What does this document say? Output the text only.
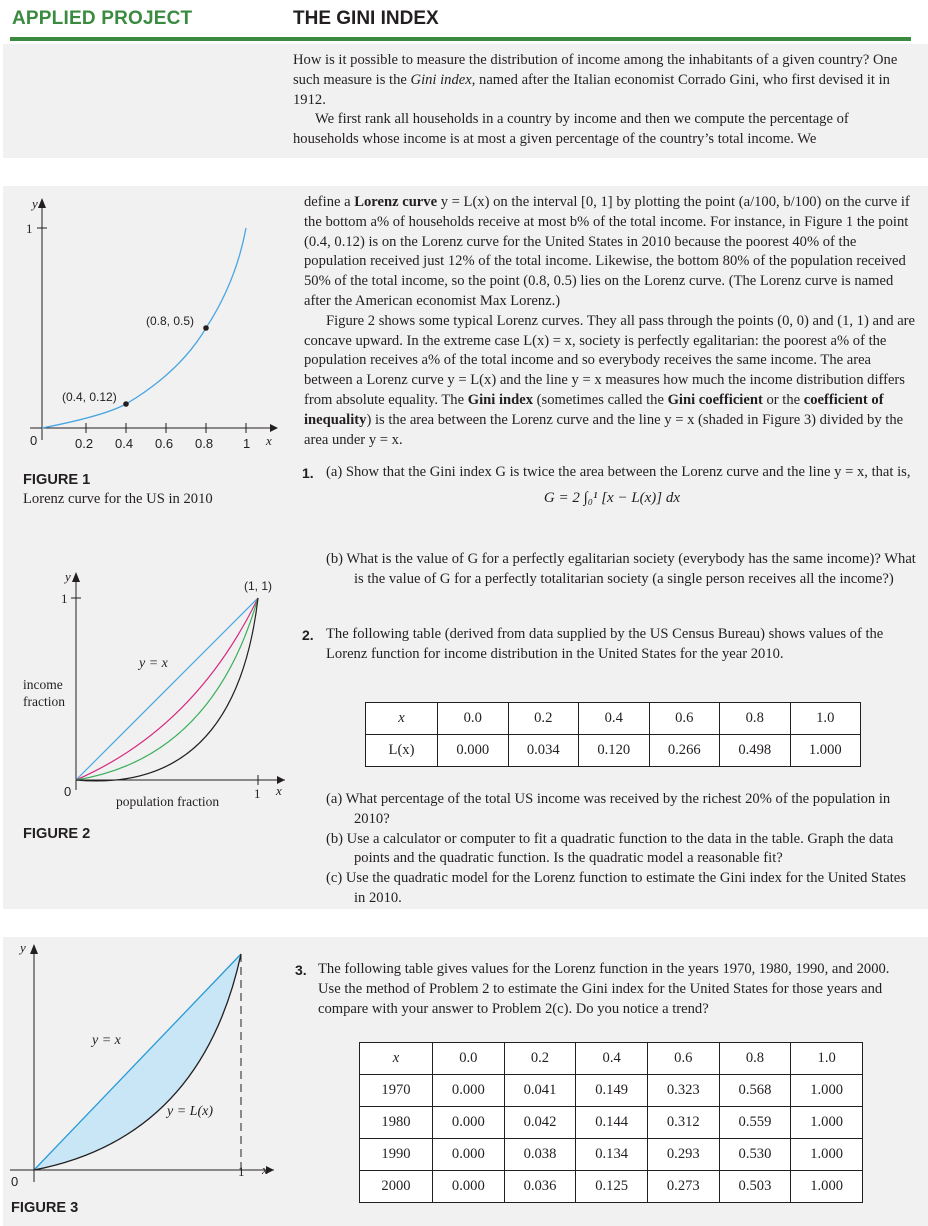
APPLIED PROJECT	THE GINI INDEX
How is it possible to measure the distribution of income among the inhabitants of a given country? One such measure is the Gini index, named after the Italian economist Corrado Gini, who first devised it in 1912.
We first rank all households in a country by income and then we compute the percentage of households whose income is at most a given percentage of the country’s total income. We
y
1
0	0.2 0.4 0.6 0.8 1 x
(0.4, 0.12)
(0.8, 0.5)
FIGURE 1
Lorenz curve for the US in 2010
y
1
0	1 x
(1, 1)
y = x
income
fraction
population fraction
FIGURE 2
define a Lorenz curve y = L(x) on the interval [0, 1] by plotting the point (a/100, b/100) on the curve if the bottom a% of households receive at most b% of the total income. For instance, in Figure 1 the point (0.4, 0.12) is on the Lorenz curve for the United States in 2010 because the poorest 40% of the population received just 12% of the total income. Likewise, the bottom 80% of the population received 50% of the total income, so the point (0.8, 0.5) lies on the Lorenz curve. (The Lorenz curve is named after the American economist Max Lorenz.)
Figure 2 shows some typical Lorenz curves. They all pass through the points (0, 0) and (1, 1) and are concave upward. In the extreme case L(x) = x, society is perfectly egalitarian: the poorest a% of the population receives a% of the total income and so everybody receives the same income. The area between a Lorenz curve y = L(x) and the line y = x measures how much the income distribution differs from absolute equality. The Gini index (sometimes called the Gini coefficient or the coefficient of inequality) is the area between the Lorenz curve and the line y = x (shaded in Figure 3) divided by the area under y = x.
1. (a) Show that the Gini index G is twice the area between the Lorenz curve and the line y = x, that is,
G = 2 ∫₀¹ [x − L(x)] dx
(b) What is the value of G for a perfectly egalitarian society (everybody has the same income)? What is the value of G for a perfectly totalitarian society (a single person receives all the income?)
2. The following table (derived from data supplied by the US Census Bureau) shows values of the Lorenz function for income distribution in the United States for the year 2010.
x	0.0	0.2	0.4	0.6	0.8	1.0
L(x)	0.000	0.034	0.120	0.266	0.498	1.000
(a) What percentage of the total US income was received by the richest 20% of the population in 2010?
(b) Use a calculator or computer to fit a quadratic function to the data in the table. Graph the data points and the quadratic function. Is the quadratic model a reasonable fit?
(c) Use the quadratic model for the Lorenz function to estimate the Gini index for the United States in 2010.
y
0
1 x
y = x
y = L(x)
FIGURE 3
3. The following table gives values for the Lorenz function in the years 1970, 1980, 1990, and 2000. Use the method of Problem 2 to estimate the Gini index for the United States for those years and compare with your answer to Problem 2(c). Do you notice a trend?
x	0.0	0.2	0.4	0.6	0.8	1.0
1970	0.000	0.041	0.149	0.323	0.568	1.000
1980	0.000	0.042	0.144	0.312	0.559	1.000
1990	0.000	0.038	0.134	0.293	0.530	1.000
2000	0.000	0.036	0.125	0.273	0.503	1.000
